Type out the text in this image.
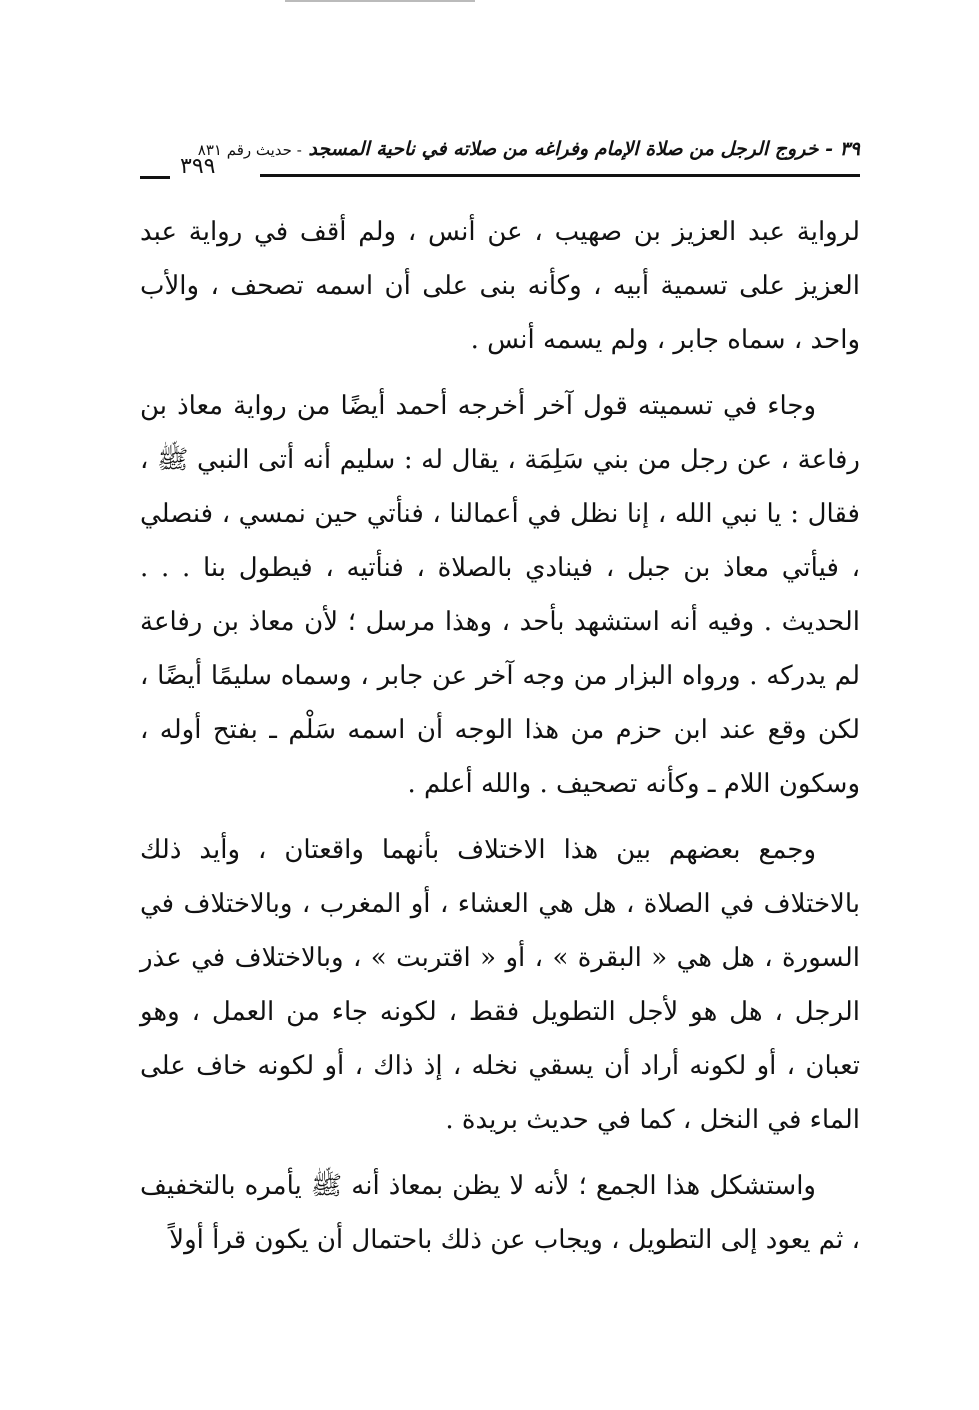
٣٩ - خروج الرجل من صلاة الإمام وفراغه من صلاته في ناحية المسجد - حديث رقم ٨٣١
٣٩٩

لرواية عبد العزيز بن صهيب ، عن أنس ، ولم أقف في رواية عبد العزيز على تسمية أبيه ، وكأنه بنى على أن اسمه تصحف ، والأب واحد ، سماه جابر ، ولم يسمه أنس .

وجاء في تسميته قول آخر أخرجه أحمد أيضًا من رواية معاذ بن رفاعة ، عن رجل من بني سَلِمَة ، يقال له : سليم أنه أتى النبي ﷺ ، فقال : يا نبي الله ، إنا نظل في أعمالنا ، فنأتي حين نمسي ، فنصلي ، فيأتي معاذ بن جبل ، فينادي بالصلاة ، فنأتيه ، فيطول بنا . . . الحديث . وفيه أنه استشهد بأحد ، وهذا مرسل ؛ لأن معاذ بن رفاعة لم يدركه . ورواه البزار من وجه آخر عن جابر ، وسماه سليمًا أيضًا ، لكن وقع عند ابن حزم من هذا الوجه أن اسمه سَلْم ـ بفتح أوله ، وسكون اللام ـ وكأنه تصحيف . والله أعلم .

وجمع بعضهم بين هذا الاختلاف بأنهما واقعتان ، وأيد ذلك بالاختلاف في الصلاة ، هل هي العشاء ، أو المغرب ، وبالاختلاف في السورة ، هل هي « البقرة » ، أو « اقتربت » ، وبالاختلاف في عذر الرجل ، هل هو لأجل التطويل فقط ، لكونه جاء من العمل ، وهو تعبان ، أو لكونه أراد أن يسقي نخله ، إذ ذاك ، أو لكونه خاف على الماء في النخل ، كما في حديث بريدة .

واستشكل هذا الجمع ؛ لأنه لا يظن بمعاذ أنه ﷺ يأمره بالتخفيف ، ثم يعود إلى التطويل ، ويجاب عن ذلك باحتمال أن يكون قرأ أولاً
